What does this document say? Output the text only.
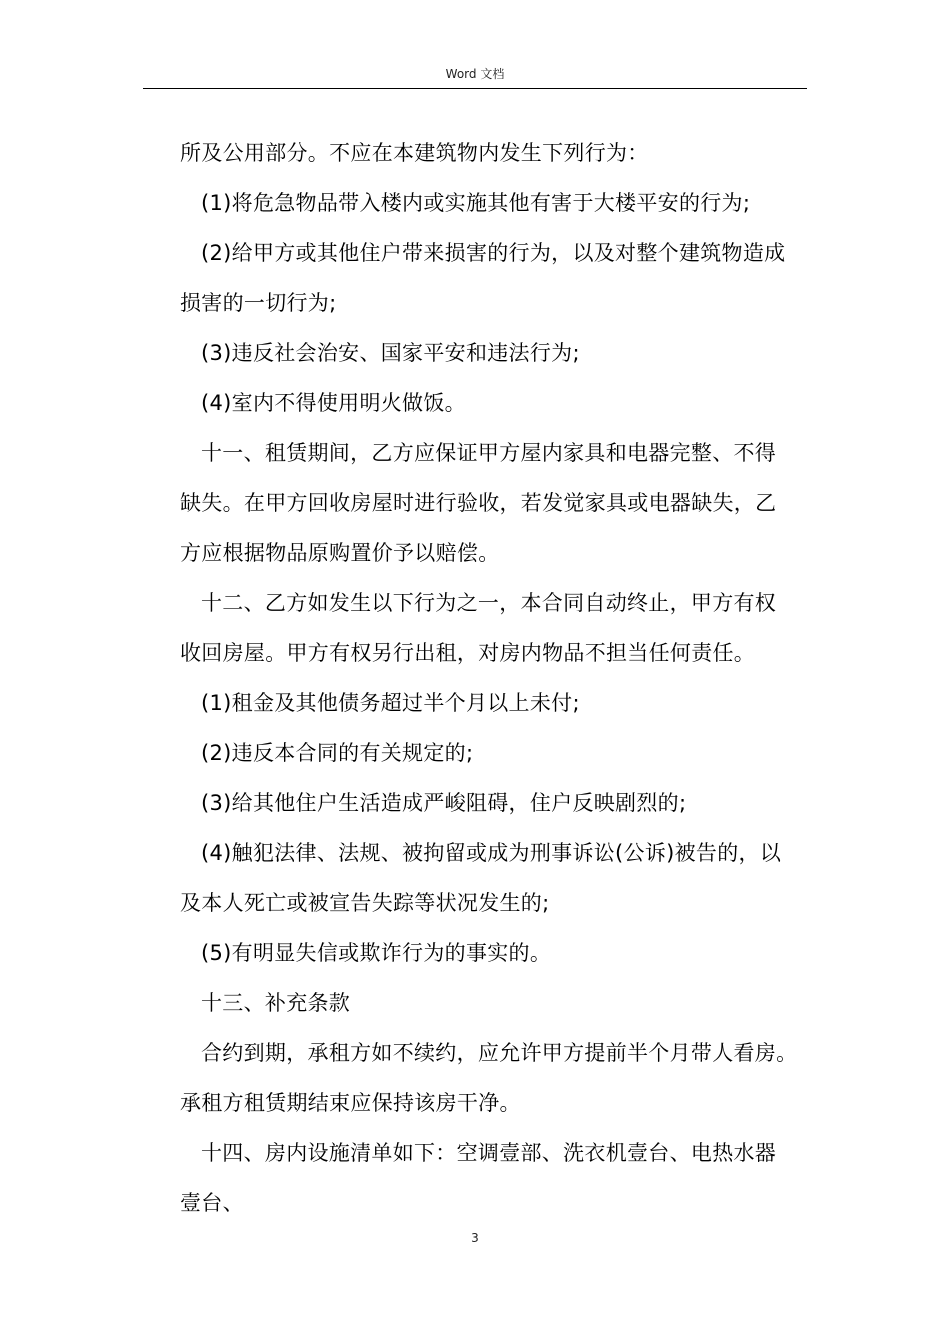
Word 文档
所及公用部分。不应在本建筑物内发生下列行为：
(1)将危急物品带入楼内或实施其他有害于大楼平安的行为;
(2)给甲方或其他住户带来损害的行为，以及对整个建筑物造成
损害的一切行为;
(3)违反社会治安、国家平安和违法行为;
(4)室内不得使用明火做饭。
十一、租赁期间，乙方应保证甲方屋内家具和电器完整、不得
缺失。在甲方回收房屋时进行验收，若发觉家具或电器缺失，乙
方应根据物品原购置价予以赔偿。
十二、乙方如发生以下行为之一，本合同自动终止，甲方有权
收回房屋。甲方有权另行出租，对房内物品不担当任何责任。
(1)租金及其他债务超过半个月以上未付;
(2)违反本合同的有关规定的;
(3)给其他住户生活造成严峻阻碍，住户反映剧烈的;
(4)触犯法律、法规、被拘留或成为刑事诉讼(公诉)被告的，以
及本人死亡或被宣告失踪等状况发生的;
(5)有明显失信或欺诈行为的事实的。
十三、补充条款
合约到期，承租方如不续约，应允许甲方提前半个月带人看房。
承租方租赁期结束应保持该房干净。
十四、房内设施清单如下：空调壹部、洗衣机壹台、电热水器
壹台、
3
